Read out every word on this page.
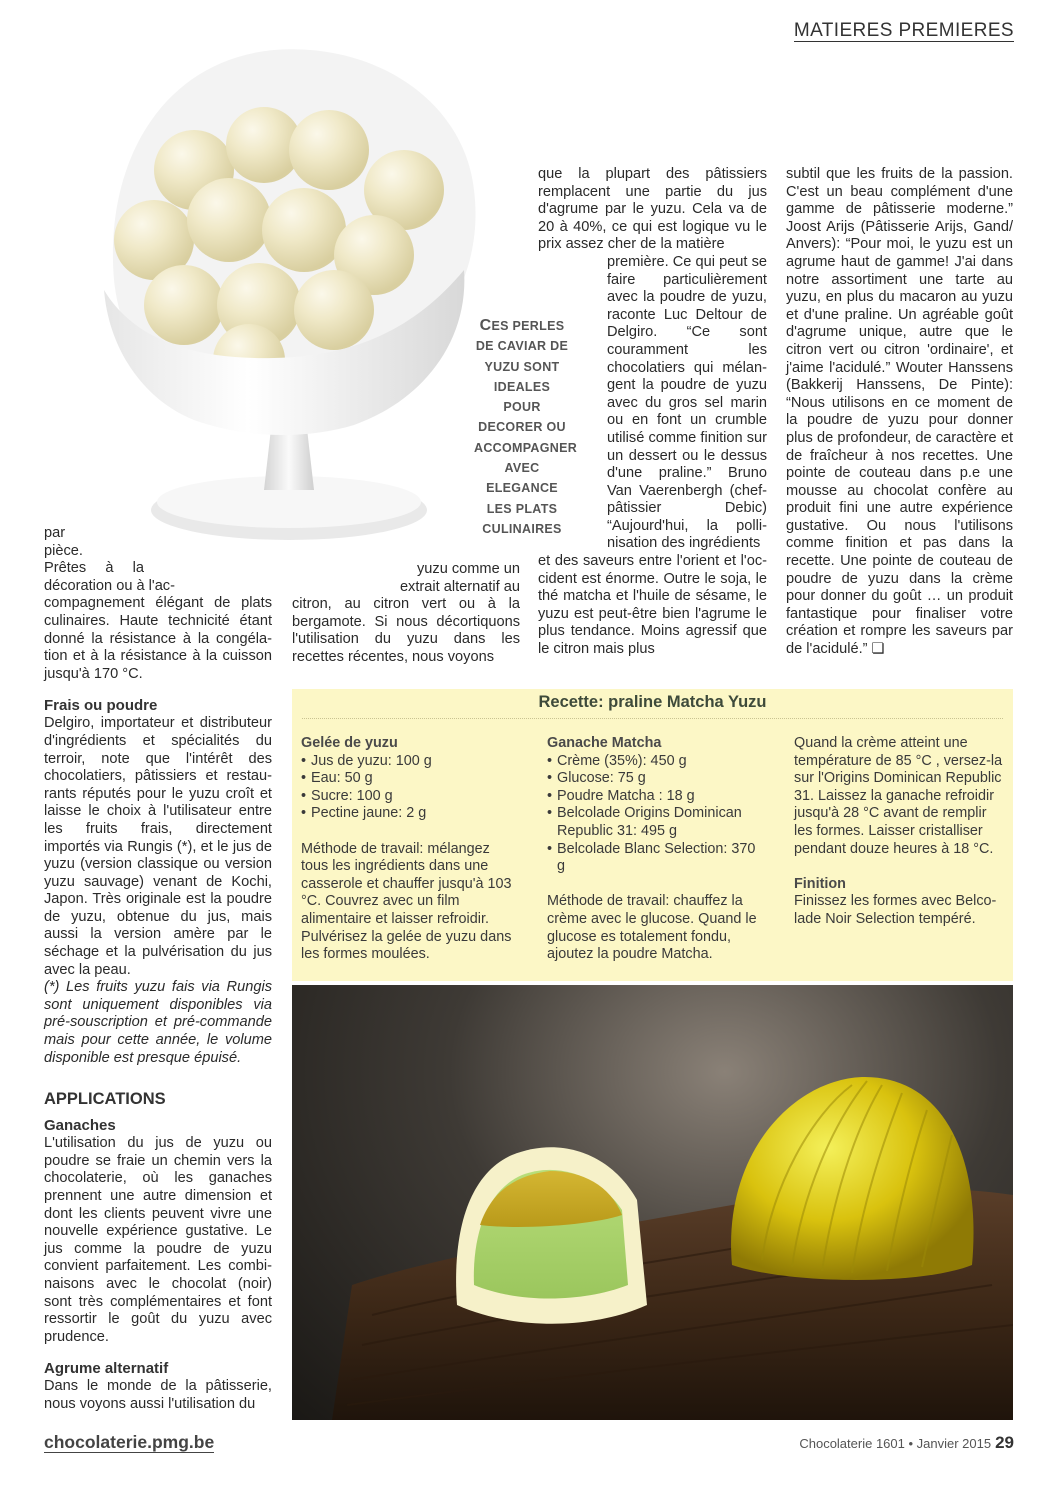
MATIERES PREMIERES
CES PERLES DE CAVIAR DE YUZU SONT IDEALES POUR DECORER OU ACCOMPAGNER AVEC ELEGANCE LES PLATS CULINAIRES

par

pièce.

Prêtes à la

décoration ou à l'ac-

compagnement élégant de plats culinaires. Haute technicité étant donné la résistance à la congélation et à la résistance à la cuisson jusqu'à 170 °C.

Frais ou poudre

Delgiro, importateur et distributeur d'ingrédients et spécialités du terroir, note que l'intérêt des chocolatiers, pâtissiers et restaurants réputés pour le yuzu croît et laisse le choix à l'utilisateur entre les fruits frais, directement importés via Rungis (*), et le jus de yuzu (version classique ou version yuzu sauvage) venant de Kochi, Japon. Très originale est la poudre de yuzu, obtenue du jus, mais aussi la version amère par le séchage et la pulvérisation du jus avec la peau.

(*) Les fruits yuzu fais via Rungis sont uniquement disponibles via pré-souscription et pré-commande mais pour cette année, le volume disponible est presque épuisé.

APPLICATIONS
Ganaches

L'utilisation du jus de yuzu ou poudre se fraie un chemin vers la chocolaterie, où les ganaches prennent une autre dimension et dont les clients peuvent vivre une nouvelle expérience gustative. Le jus comme la poudre de yuzu convient parfaitement. Les combinaisons avec le chocolat (noir) sont très complémentaires et font ressortir le goût du yuzu avec prudence.

Agrume alternatif

Dans le monde de la pâtisserie, nous voyons aussi l'utilisation du

yuzu comme un

extrait alternatif au

citron, au citron vert ou à la bergamote. Si nous décortiquons l'utilisation du yuzu dans les recettes récentes, nous voyons

que la plupart des pâtissiers remplacent une partie du jus d'agrume par le yuzu. Cela va de 20 à 40%, ce qui est logique vu le prix assez cher de la matière

première. Ce qui peut se faire particulièrement avec la poudre de yuzu, raconte Luc Deltour de Delgiro. “Ce sont couramment les chocolatiers qui mélangent la poudre de yuzu avec du gros sel marin ou en font un crumble utilisé comme finition sur un dessert ou le dessus d'une praline.” Bruno Van Vaerenbergh (chef-pâtissier Debic) “Aujourd'hui, la pollinisation des ingrédients

et des saveurs entre l'orient et l'occident est énorme. Outre le soja, le thé matcha et l'huile de sésame, le yuzu est peut-être bien l'agrume le plus tendance. Moins agressif que le citron mais plus

subtil que les fruits de la passion. C'est un beau complément d'une gamme de pâtisserie moderne.” Joost Arijs (Pâtisserie Arijs, Gand/ Anvers): “Pour moi, le yuzu est un agrume haut de gamme! J'ai dans notre assortiment une tarte au yuzu, en plus du macaron au yuzu et d'une praline. Un agréable goût d'agrume unique, autre que le citron vert ou citron 'ordinaire', et j'aime l'acidulé.” Wouter Hanssens (Bakkerij Hanssens, De Pinte): “Nous utilisons en ce moment de la poudre de yuzu pour donner plus de profondeur, de caractère et de fraîcheur à nos recettes. Une pointe de couteau dans p.e une mousse au chocolat confère au produit fini une autre expérience gustative. Ou nous l'utilisons comme finition et pas dans la recette. Une pointe de couteau de poudre de yuzu dans la crème pour donner du goût … un produit fantastique pour finaliser votre création et rompre les saveurs par de l'acidulé.” ❏

Recette: praline Matcha Yuzu
Gelée de yuzu
• Jus de yuzu: 100 g
• Eau: 50 g
• Sucre: 100 g
• Pectine jaune: 2 g

Méthode de travail: mélangez tous les ingrédients dans une casserole et chauffer jusqu'à 103 °C. Couvrez avec un film alimentaire et laisser refroidir. Pulvérisez la gelée de yuzu dans les formes moulées.

Ganache Matcha
• Crème (35%): 450 g
• Glucose: 75 g
• Poudre Matcha : 18 g
• Belcolade Origins Dominican Republic 31: 495 g
• Belcolade Blanc Selection: 370 g

Méthode de travail: chauffez la crème avec le glucose. Quand le glucose es totalement fondu, ajoutez la poudre Matcha.

Quand la crème atteint une température de 85 °C , versez-la sur l'Origins Dominican Republic 31. Laissez la ganache refroidir jusqu'à 28 °C avant de remplir les formes. Laisser cristalliser pendant douze heures à 18 °C.

Finition

Finissez les formes avec Belcolade Noir Selection tempéré.

chocolaterie.pmg.be	Chocolaterie 1601 • Janvier 2015 29
